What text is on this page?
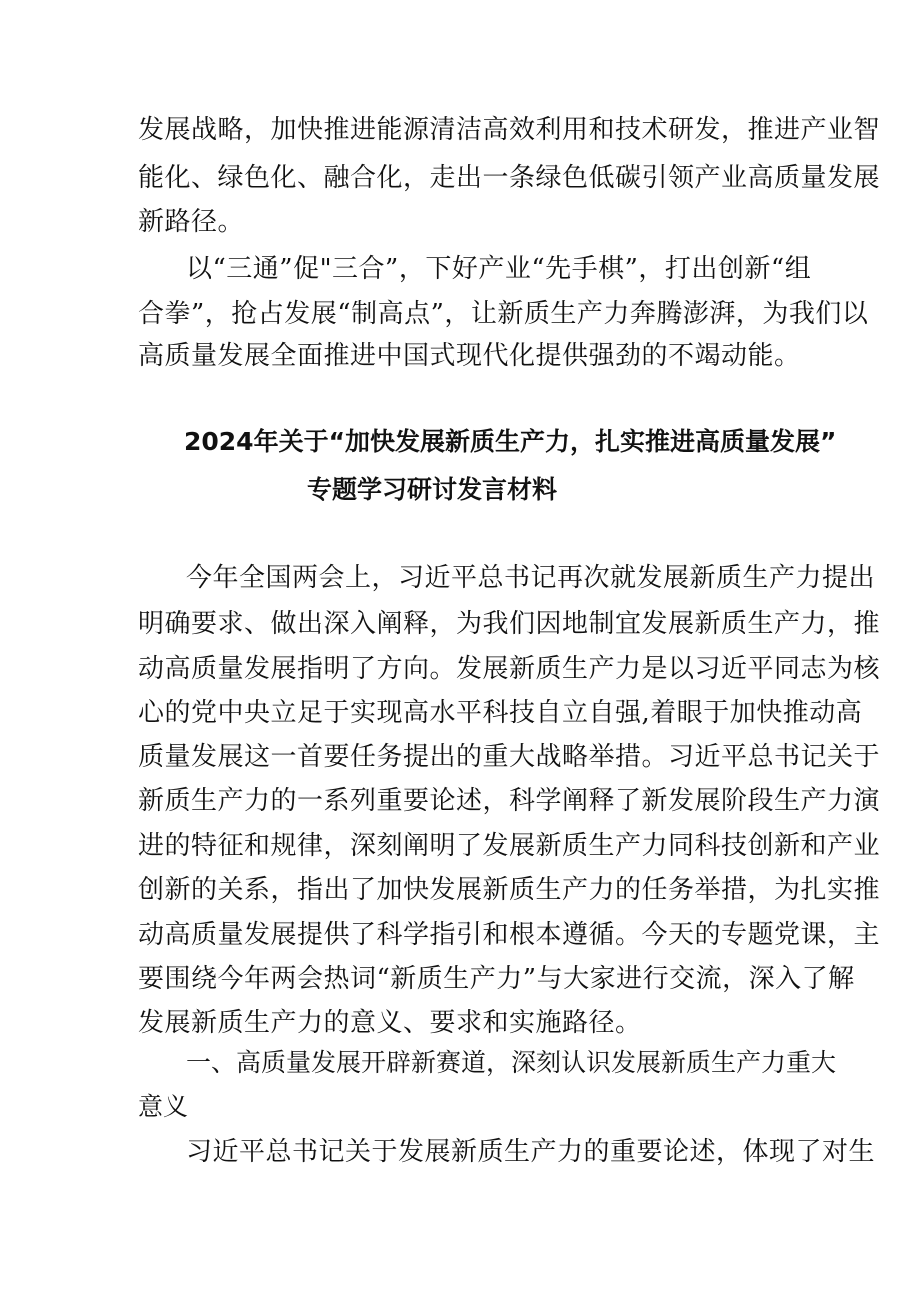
发展战略，加快推进能源清洁高效利用和技术研发，推进产业智
能化、绿色化、融合化，走出一条绿色低碳引领产业高质量发展
新路径。
以“三通”促"三合”，下好产业“先手棋”，打出创新“组
合拳”，抢占发展“制高点”，让新质生产力奔腾澎湃，为我们以
高质量发展全面推进中国式现代化提供强劲的不竭动能。
2024年关于“加快发展新质生产力，扎实推进高质量发展”
专题学习研讨发言材料
今年全国两会上，习近平总书记再次就发展新质生产力提出
明确要求、做出深入阐释，为我们因地制宜发展新质生产力，推
动高质量发展指明了方向。发展新质生产力是以习近平同志为核
心的党中央立足于实现高水平科技自立自强,着眼于加快推动高
质量发展这一首要任务提出的重大战略举措。习近平总书记关于
新质生产力的一系列重要论述，科学阐释了新发展阶段生产力演
进的特征和规律，深刻阐明了发展新质生产力同科技创新和产业
创新的关系，指出了加快发展新质生产力的任务举措，为扎实推
动高质量发展提供了科学指引和根本遵循。今天的专题党课，主
要围绕今年两会热词“新质生产力”与大家进行交流，深入了解
发展新质生产力的意义、要求和实施路径。
一、高质量发展开辟新赛道，深刻认识发展新质生产力重大
意义
习近平总书记关于发展新质生产力的重要论述，体现了对生
